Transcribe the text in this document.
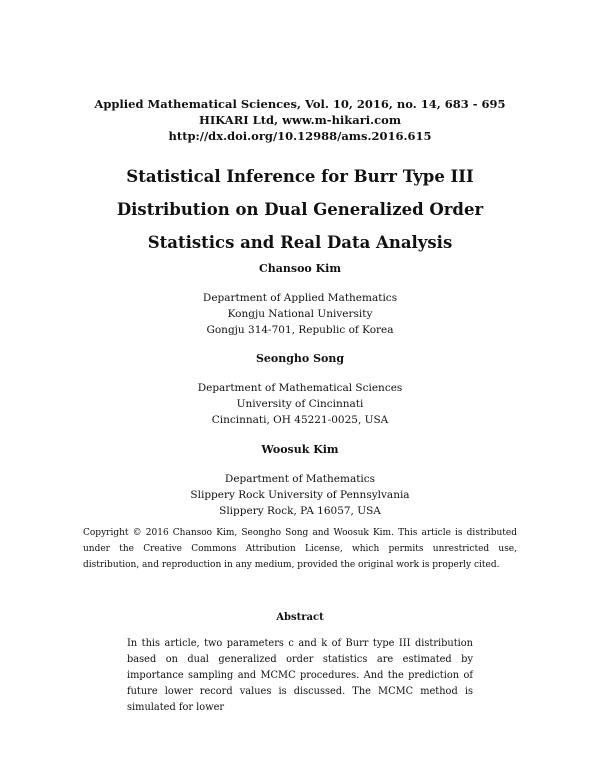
Applied Mathematical Sciences, Vol. 10, 2016, no. 14, 683 - 695
HIKARI Ltd, www.m-hikari.com
http://dx.doi.org/10.12988/ams.2016.615
Statistical Inference for Burr Type III
Distribution on Dual Generalized Order
Statistics and Real Data Analysis
Chansoo Kim
Department of Applied Mathematics
Kongju National University
Gongju 314-701, Republic of Korea
Seongho Song
Department of Mathematical Sciences
University of Cincinnati
Cincinnati, OH 45221-0025, USA
Woosuk Kim
Department of Mathematics
Slippery Rock University of Pennsylvania
Slippery Rock, PA 16057, USA
Copyright © 2016 Chansoo Kim, Seongho Song and Woosuk Kim. This article is distributed under the Creative Commons Attribution License, which permits unrestricted use, distribution, and reproduction in any medium, provided the original work is properly cited.
Abstract

In this article, two parameters c and k of Burr type III distribution based on dual generalized order statistics are estimated by importance sampling and MCMC procedures. And the prediction of future lower record values is discussed. The MCMC method is simulated for lower
